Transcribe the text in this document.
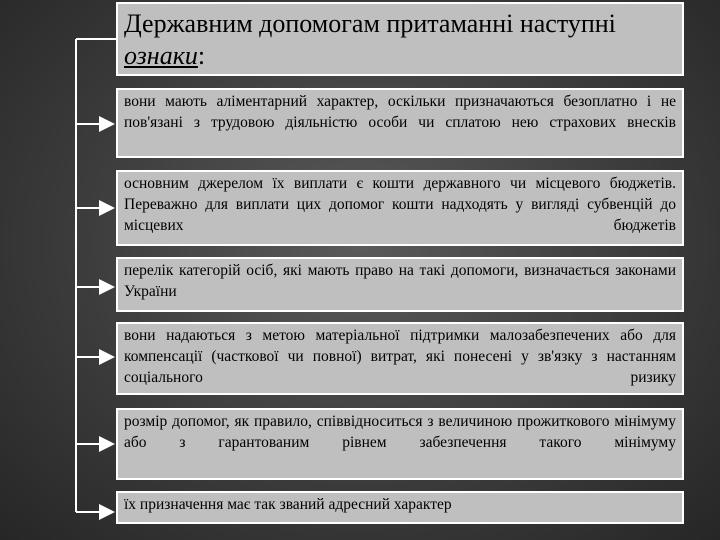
Державним допомогам притаманні наступні
ознаки:
вони мають аліментарний характер, оскільки призначаються безоплатно і не пов'язані з трудовою діяльністю особи чи сплатою нею страхових внесків
основним джерелом їх виплати є кошти державного чи місцевого бюджетів. Переважно для виплати цих допомог кошти надходять у вигляді субвенцій до місцевих бюджетів
перелік категорій осіб, які мають право на такі допомоги, визначається законами України
вони надаються з метою матеріальної підтримки малозабезпечених або для компенсації (часткової чи повної) витрат, які понесені у зв'язку з настанням соціального ризику
розмір допомог, як правило, співвідноситься з величиною прожиткового мінімуму або з гарантованим рівнем забезпечення такого мінімуму
їх призначення має так званий адресний характер
